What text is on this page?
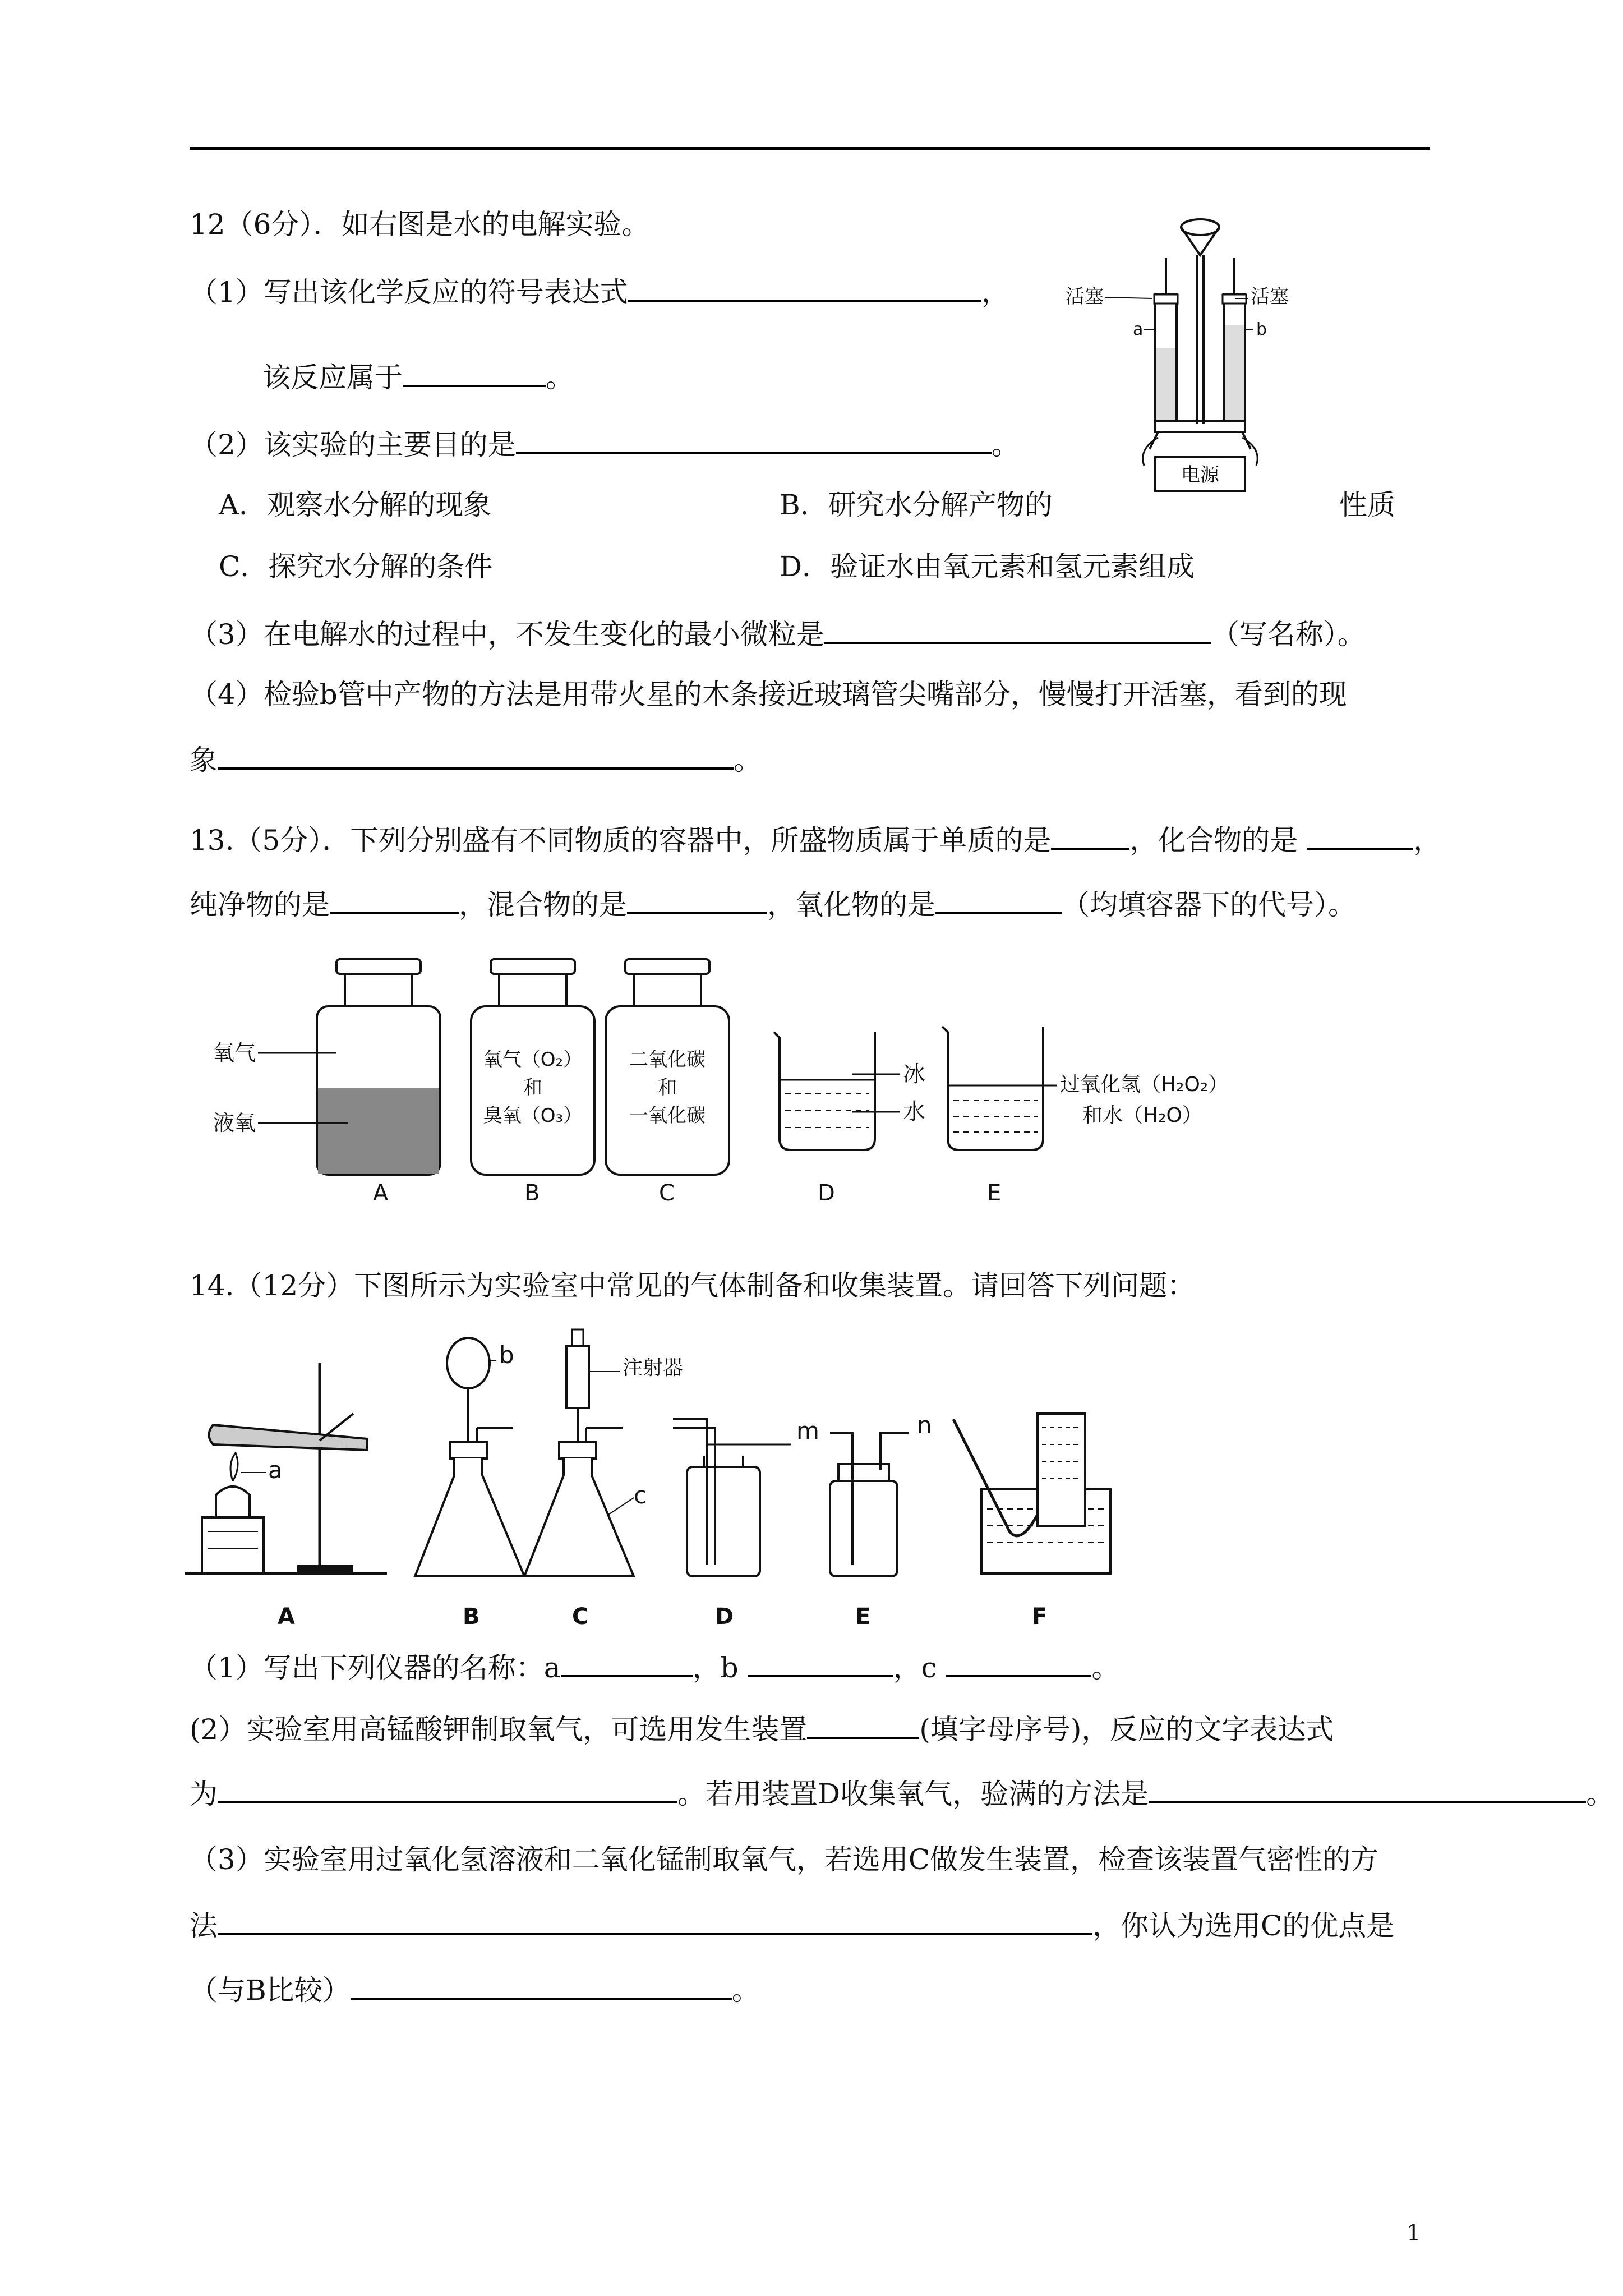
12（6分）．如右图是水的电解实验。
（1）写出该化学反应的符号表达式	，
该反应属于	。
（2）该实验的主要目的是	。
A．观察水分解的现象	B．研究水分解产物的	性质
C．探究水分解的条件	D．验证水由氧元素和氢元素组成
（3）在电解水的过程中，不发生变化的最小微粒是	（写名称）。
（4）检验b管中产物的方法是用带火星的木条接近玻璃管尖嘴部分，慢慢打开活塞，看到的现
象	。
电源
活塞	活塞
a	b
13.（5分）．下列分别盛有不同物质的容器中，所盛物质属于单质的是	，化合物的是	，
纯净物的是	，混合物的是	，氧化物的是	（均填容器下的代号）。
氧气
液氧
A
氧气（O₂）
和
臭氧（O₃）
B
二氧化碳
和
一氧化碳
C
冰
水
D
过氧化氢（H₂O₂）
和水（H₂O）
E
14.（12分）下图所示为实验室中常见的气体制备和收集装置。请回答下列问题：
a
A
b
B
注射器
c
C	D
m	n
E	F
（1）写出下列仪器的名称：a	，b	，c	。
(2）实验室用高锰酸钾制取氧气，可选用发生装置	(填字母序号)，反应的文字表达式
为	。若用装置D收集氧气，验满的方法是	。
（3）实验室用过氧化氢溶液和二氧化锰制取氧气，若选用C做发生装置，检查该装置气密性的方
法	，你认为选用C的优点是
（与B比较）	。
1
